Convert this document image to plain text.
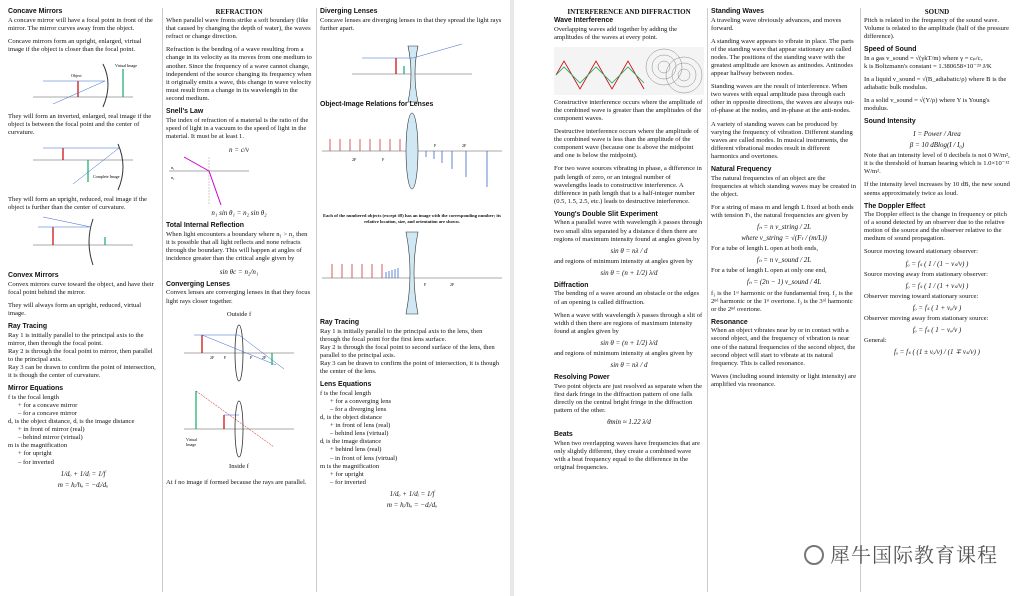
Concave Mirrors

A concave mirror will have a focal point in front of the mirror. The mirror curves away from the object.

Concave mirrors form an upright, enlarged, virtual image if the object is closer than the focal point.

Object
Virtual Image

They will form an inverted, enlarged, real image if the object is between the focal point and the center of curvature.

Complete Image

They will form an upright, reduced, real image if the object is further than the center of curvature.

Convex Mirrors

Convex mirrors curve toward the object, and have their focal point behind the mirror.

They will always form an upright, reduced, virtual image.

Ray Tracing
Ray 1 is initially parallel to the principal axis to the mirror, then through the focal point.
Ray 2 is through the focal point to mirror, then parallel to the principal axis.

Ray 3 can be drawn to confirm the point of intersection, it is though the center of curvature.

Mirror Equations
f is the focal length
+ for a concave mirror
– for a concave mirror
dₒ is the object distance, dᵢ is the image distance
+ in front of mirror (real)
– behind mirror (virtual)
m is the magnification
+ for upright
– for inverted
1/dₒ + 1/dᵢ = 1/f
m = hᵢ/hₒ = −dᵢ/dₒ
REFRACTION

When parallel wave fronts strike a soft boundary (like that caused by changing the depth of water), the waves refract or change direction.

Refraction is the bending of a wave resulting from a change in its velocity as its moves from one medium to another. Since the frequency of a wave cannot change, independent of the source changing its frequency when it originally emits a wave, this change in wave velocity must result from a change in its wavelength in the second medium.

Snell's Law

The index of refraction of a material is the ratio of the speed of light in a vacuum to the speed of light in the material. It must be at least 1.

n = c/v
n₁
n₂
n₁ sin θ₁ = n₂ sin θ₂
Total Internal Reflection

When light encounters a boundary where n₁ > n₂ then it is possible that all light reflects and none refracts through the boundary. This will happen at angles of incidence greater than the critical angle given by

sin θc = n₂/n₁
Converging Lenses

Convex lenses are converging lenses in that they focus light rays closer together.

Outside f
2F F	F 2F
Virtual
Image
Inside f

At f no image if formed because the rays are parallel.

Diverging Lenses

Concave lenses are diverging lenses in that they spread the light rays further apart.

Object-Image Relations for Lenses
2F	F
F	2F
Each of the numbered objects (except #8) has an image with the corresponding number; its relative location, size, and orientation are shown.
F	2F
Ray Tracing
Ray 1 is initially parallel to the principal axis to the lens, then through the focal point for the first lens surface.
Ray 2 is through the focal point to second surface of the lens, then parallel to the principal axis.

Ray 3 can be drawn to confirm the point of intersection, it is though the center of the lens.

Lens Equations
f is the focal length
+ for a converging lens
– for a diverging lens
dₒ is the object distance
+ in front of lens (real)
– behind lens (virtual)
dᵢ is the image distance
+ behind lens (real)
– in front of lens (virtual)
m is the magnification
+ for upright
– for inverted
1/dₒ + 1/dᵢ = 1/f
m = hᵢ/hₒ = −dᵢ/dₒ
INTERFERENCE AND DIFFRACTION
Wave Interference

Overlapping waves add together by adding the amplitudes of the waves at every point.

Constructive interference occurs where the amplitude of the combined wave is greater than the amplitudes of the component waves.

Destructive interference occurs where the amplitude of the combined wave is less than the amplitude of the component wave (because one is above the midpoint and one is below the midpoint).

For two wave sources vibrating in phase, a difference in path length of zero, or an integral number of wavelengths leads to constructive interference. A difference in path length that is a half-integer number (0.5, 1.5, 2.5, etc.) leads to destructive interference.

Young's Double Slit Experiment
When a parallel wave with wavelength λ passes through two small slits separated by a distance d then there are regions of maximum intensity found at angles given by
sin θ = nλ / d
and regions of minimum intensity at angles given by
sin θ = (n + 1/2) λ/d
Diffraction

The bending of a wave around an obstacle or the edges of an opening is called diffraction.

When a wave with wavelength λ passes through a slit of width d then there are regions of maximum intensity found at angles given by
sin θ = (n + 1/2) λ/d
and regions of minimum intensity at angles given by
sin θ = nλ / d
Resolving Power
Two point objects are just resolved as separate when the first dark fringe in the diffraction pattern of one falls directly on the central bright fringe in the diffraction pattern of the other.
θmin ≈ 1.22 λ/d
Beats
When two overlapping waves have frequencies that are only slightly different, they create a combined wave with a beat frequency equal to the difference in the original frequencies.
Standing Waves

A traveling wave obviously advances, and moves forward.

A standing wave appears to vibrate in place. The parts of the standing wave that appear stationary are called nodes. The positions of the standing wave with the greatest amplitude are known as antinodes. Antinodes appear halfway between nodes.

Standing waves are the result of interference. When two waves with equal amplitude pass through each other in opposite directions, the waves are always out-of-phase at the nodes, and in-phase at the anti-nodes.

A variety of standing waves can be produced by varying the frequency of vibration. Different standing waves are called modes. In musical instruments, the different vibrational modes result in different harmonics and overtones.

Natural Frequency

The natural frequencies of an object are the frequencies at which standing waves may be created in the object.

For a string of mass m and length L fixed at both ends with tension Fₜ, the natural frequencies are given by
fₙ = n v_string / 2L
where v_string = √(Fₜ / (m/L))
For a tube of length L open at both ends,
fₙ = n v_sound / 2L
For a tube of length L open at only one end,
fₙ = (2n − 1) v_sound / 4L

f₁ is the 1ˢᵗ harmonic or the fundamental freq. f₂ is the 2ⁿᵈ harmonic or the 1ˢᵗ overtone. f₃ is the 3ʳᵈ harmonic or the 2ⁿᵈ overtone.

Resonance

When an object vibrates near by or in contact with a second object, and the frequency of vibration is near one of the natural frequencies of the second object, the second object will start to vibrate at its natural frequency. This is called resonance.

Waves (including sound intensity or light intensity) are amplified via resonance.

SOUND

Pitch is related to the frequency of the sound wave. Volume is related to the amplitude (half of the pressure difference).

Speed of Sound
In a gas v_sound = √(γkT/m) where γ = cₚ/cᵥ

k is Boltzmann's constant = 1.380658×10⁻²³ J/K

In a liquid v_sound = √(B_adiabatic/ρ) where B is the adiabatic bulk modulus.

In a solid v_sound = √(Y/ρ) where Y is Young's modulus.

Sound Intensity
I = Power / Area
β = 10 dBlog(I / I₀)

Note that an intensity level of 0 decibels is not 0 W/m², it is the threshold of human hearing which is 1.0×10⁻¹² W/m².

If the intensity level increases by 10 dB, the new sound seems approximately twice as loud.

The Doppler Effect

The Doppler effect is the change in frequency or pitch of a sound detected by an observer due to the relative motion of the source and the observer relative to the medium of sound propagation.

Source moving toward stationary observer:
fₒ = fₛ ( 1 / (1 − vₛ/v) )
Source moving away from stationary observer:
fₒ = fₛ ( 1 / (1 + vₛ/v) )
Observer moving toward stationary source:
fₒ = fₛ ( 1 + vₒ/v )
Observer moving away from stationary source:
fₒ = fₛ ( 1 − vₒ/v )
General:
fₒ = fₛ ( (1 ± vₒ/v) / (1 ∓ vₛ/v) )
犀牛国际教育课程
